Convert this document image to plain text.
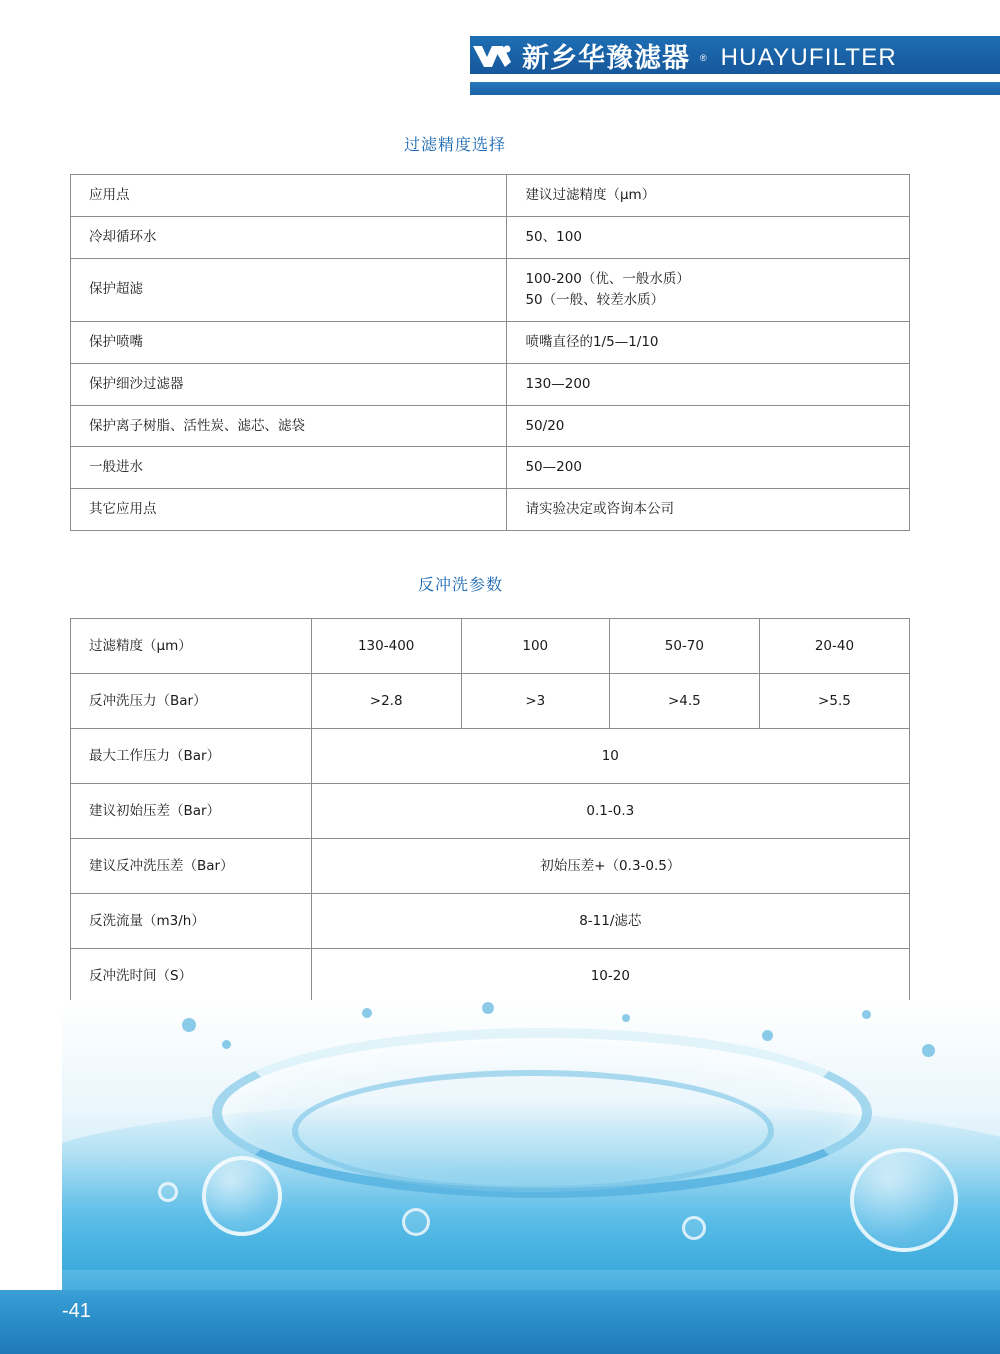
新乡华豫滤器 ® HUAYUFILTER
过滤精度选择
应用点	建议过滤精度（μm）
冷却循环水	50、100
保护超滤	100-200（优、一般水质）
50（一般、较差水质）

保护喷嘴	喷嘴直径的1/5—1/10
保护细沙过滤器	130—200
保护离子树脂、活性炭、滤芯、滤袋	50/20
一般进水	50—200
其它应用点	请实验决定或咨询本公司
反冲洗参数
过滤精度（μm）	130-400	100	50-70	20-40
反冲洗压力（Bar）	>2.8	>3	>4.5	>5.5
最大工作压力（Bar）	10			
建议初始压差（Bar）	0.1-0.3			
建议反冲洗压差（Bar）	初始压差+（0.3-0.5）			
反洗流量（m3/h）	8-11/滤芯			
反冲洗时间（S）	10-20			
-41
